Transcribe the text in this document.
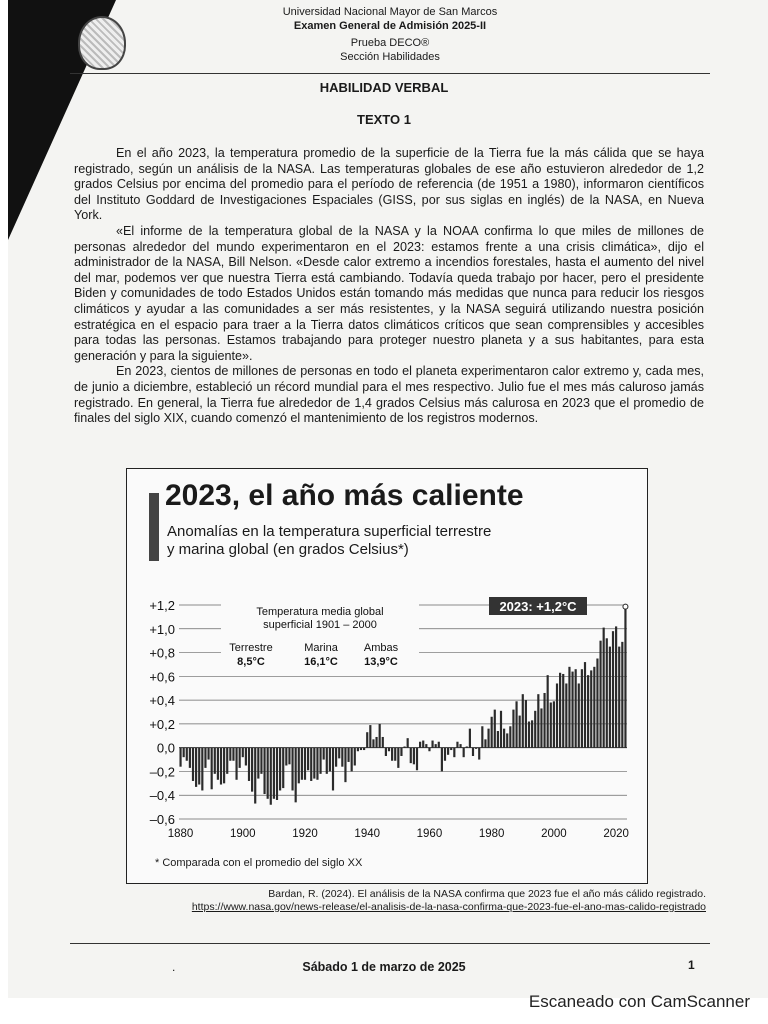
Universidad Nacional Mayor de San Marcos
Examen General de Admisión 2025-II
Prueba DECO®
Sección Habilidades
HABILIDAD VERBAL
TEXTO 1

En el año 2023, la temperatura promedio de la superficie de la Tierra fue la más cálida que se haya registrado, según un análisis de la NASA. Las temperaturas globales de ese año estuvieron alrededor de 1,2 grados Celsius por encima del promedio para el período de referencia (de 1951 a 1980), informaron científicos del Instituto Goddard de Investigaciones Espaciales (GISS, por sus siglas en inglés) de la NASA, en Nueva York.

«El informe de la temperatura global de la NASA y la NOAA confirma lo que miles de millones de personas alrededor del mundo experimentaron en el 2023: estamos frente a una crisis climática», dijo el administrador de la NASA, Bill Nelson. «Desde calor extremo a incendios forestales, hasta el aumento del nivel del mar, podemos ver que nuestra Tierra está cambiando. Todavía queda trabajo por hacer, pero el presidente Biden y comunidades de todo Estados Unidos están tomando más medidas que nunca para reducir los riesgos climáticos y ayudar a las comunidades a ser más resistentes, y la NASA seguirá utilizando nuestra posición estratégica en el espacio para traer a la Tierra datos climáticos críticos que sean comprensibles y accesibles para todas las personas. Estamos trabajando para proteger nuestro planeta y a sus habitantes, para esta generación y para la siguiente».

En 2023, cientos de millones de personas en todo el planeta experimentaron calor extremo y, cada mes, de junio a diciembre, estableció un récord mundial para el mes respectivo. Julio fue el mes más caluroso jamás registrado. En general, la Tierra fue alrededor de 1,4 grados Celsius más calurosa en 2023 que el promedio de finales del siglo XIX, cuando comenzó el mantenimiento de los registros modernos.

2023, el año más caliente
Anomalías en la temperatura superficial terrestre
y marina global (en grados Celsius*)
+1,2
+1,0
+0,8
+0,6
+0,4
+0,2
0,0
–0,2
–0,4
–0,6
1880	1900	1920	1940	1960	1980	2000	2020
Temperatura media global
superficial 1901 – 2000
Terrestre
8,5°C
Marina
16,1°C
Ambas
13,9°C
2023: +1,2°C
* Comparada con el promedio del siglo XX
Bardan, R. (2024). El análisis de la NASA confirma que 2023 fue el año más cálido registrado.
https://www.nasa.gov/news-release/el-analisis-de-la-nasa-confirma-que-2023-fue-el-ano-mas-calido-registrado
.	Sábado 1 de marzo de 2025	1
Escaneado con CamScanner
